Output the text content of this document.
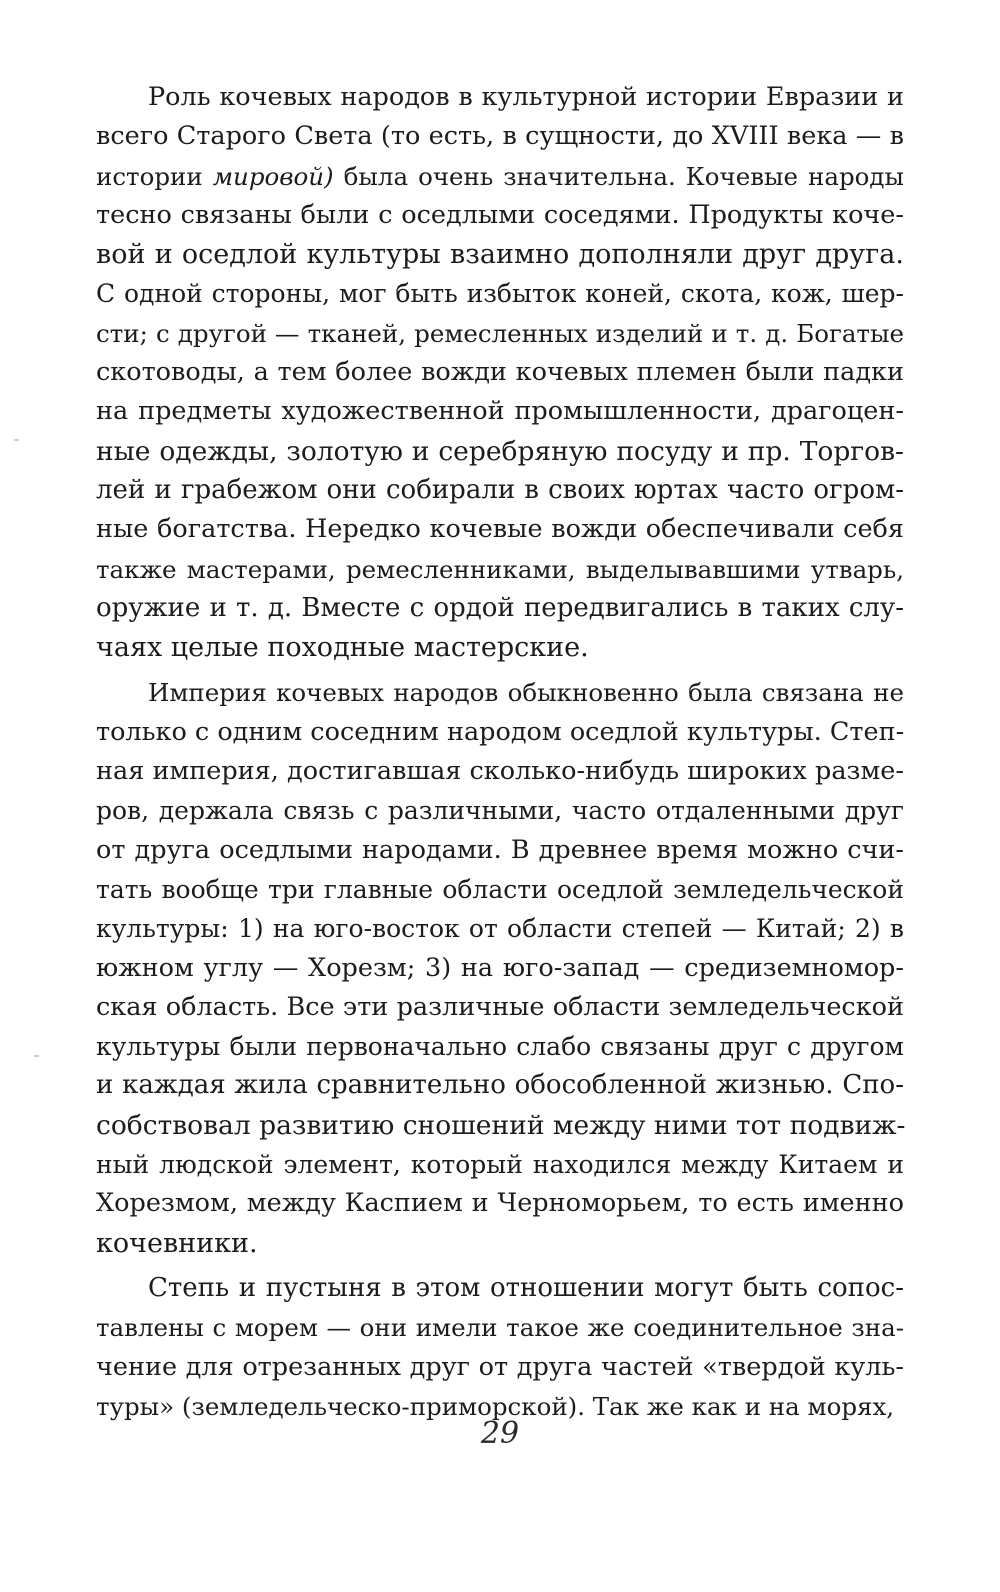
Роль кочевых народов в культурной истории Евразии и
всего Старого Света (то есть, в сущности, до XVIII века — в
истории мировой) была очень значительна. Кочевые народы
тесно связаны были с оседлыми соседями. Продукты коче-
вой и оседлой культуры взаимно дополняли друг друга.
С одной стороны, мог быть избыток коней, скота, кож, шер-
сти; с другой — тканей, ремесленных изделий и т. д. Богатые
скотоводы, а тем более вожди кочевых племен были падки
на предметы художественной промышленности, драгоцен-
ные одежды, золотую и серебряную посуду и пр. Торгов-
лей и грабежом они собирали в своих юртах часто огром-
ные богатства. Нередко кочевые вожди обеспечивали себя
также мастерами, ремесленниками, выделывавшими утварь,
оружие и т. д. Вместе с ордой передвигались в таких слу-
чаях целые походные мастерские.
Империя кочевых народов обыкновенно была связана не
только с одним соседним народом оседлой культуры. Степ-
ная империя, достигавшая сколько-нибудь широких разме-
ров, держала связь с различными, часто отдаленными друг
от друга оседлыми народами. В древнее время можно счи-
тать вообще три главные области оседлой земледельческой
культуры: 1) на юго-восток от области степей — Китай; 2) в
южном углу — Хорезм; 3) на юго-запад — средиземномор-
ская область. Все эти различные области земледельческой
культуры были первоначально слабо связаны друг с другом
и каждая жила сравнительно обособленной жизнью. Спо-
собствовал развитию сношений между ними тот подвиж-
ный людской элемент, который находился между Китаем и
Хорезмом, между Каспием и Черноморьем, то есть именно
кочевники.
Степь и пустыня в этом отношении могут быть сопос-
тавлены с морем — они имели такое же соединительное зна-
чение для отрезанных друг от друга частей «твердой куль-
туры» (земледельческо-приморской). Так же как и на морях,
29
